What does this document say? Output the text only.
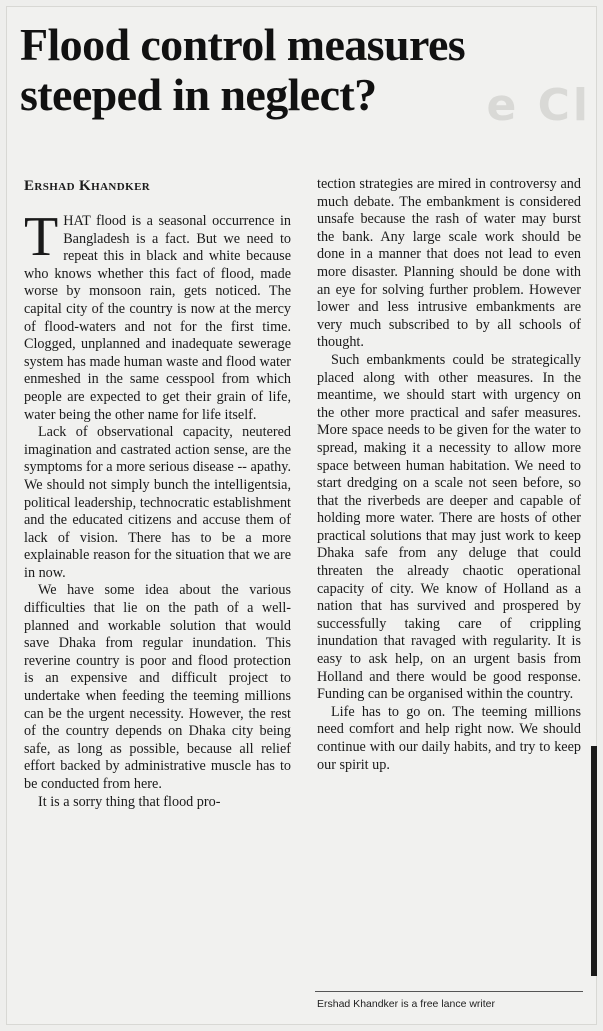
e Cl
Flood control measures steeped in neglect?
Ershad Khandker

THAT flood is a seasonal occurrence in Bangladesh is a fact. But we need to repeat this in black and white because who knows whether this fact of flood, made worse by monsoon rain, gets noticed. The capital city of the country is now at the mercy of flood-waters and not for the first time. Clogged, unplanned and inadequate sewerage system has made human waste and flood water enmeshed in the same cesspool from which people are expected to get their grain of life, water being the other name for life itself.

Lack of observational capacity, neutered imagination and castrated action sense, are the symptoms for a more serious disease -- apathy. We should not simply bunch the intelligentsia, political leadership, technocratic establishment and the educated citizens and accuse them of lack of vision. There has to be a more explainable reason for the situation that we are in now.

We have some idea about the various difficulties that lie on the path of a well-planned and workable solution that would save Dhaka from regular inundation. This reverine country is poor and flood protection is an expensive and difficult project to undertake when feeding the teeming millions can be the urgent necessity. However, the rest of the country depends on Dhaka city being safe, as long as possible, because all relief effort backed by administrative muscle has to be conducted from here.

It is a sorry thing that flood pro-

tection strategies are mired in controversy and much debate. The embankment is considered unsafe because the rash of water may burst the bank. Any large scale work should be done in a manner that does not lead to even more disaster. Planning should be done with an eye for solving further problem. However lower and less intrusive embankments are very much subscribed to by all schools of thought.

Such embankments could be strategically placed along with other measures. In the meantime, we should start with urgency on the other more practical and safer measures. More space needs to be given for the water to spread, making it a necessity to allow more space between human habitation. We need to start dredging on a scale not seen before, so that the riverbeds are deeper and capable of holding more water. There are hosts of other practical solutions that may just work to keep Dhaka safe from any deluge that could threaten the already chaotic operational capacity of city. We know of Holland as a nation that has survived and prospered by successfully taking care of crippling inundation that ravaged with regularity. It is easy to ask help, on an urgent basis from Holland and there would be good response. Funding can be organised within the country.

Life has to go on. The teeming millions need comfort and help right now. We should continue with our daily habits, and try to keep our spirit up.

Ershad Khandker is a free lance writer
